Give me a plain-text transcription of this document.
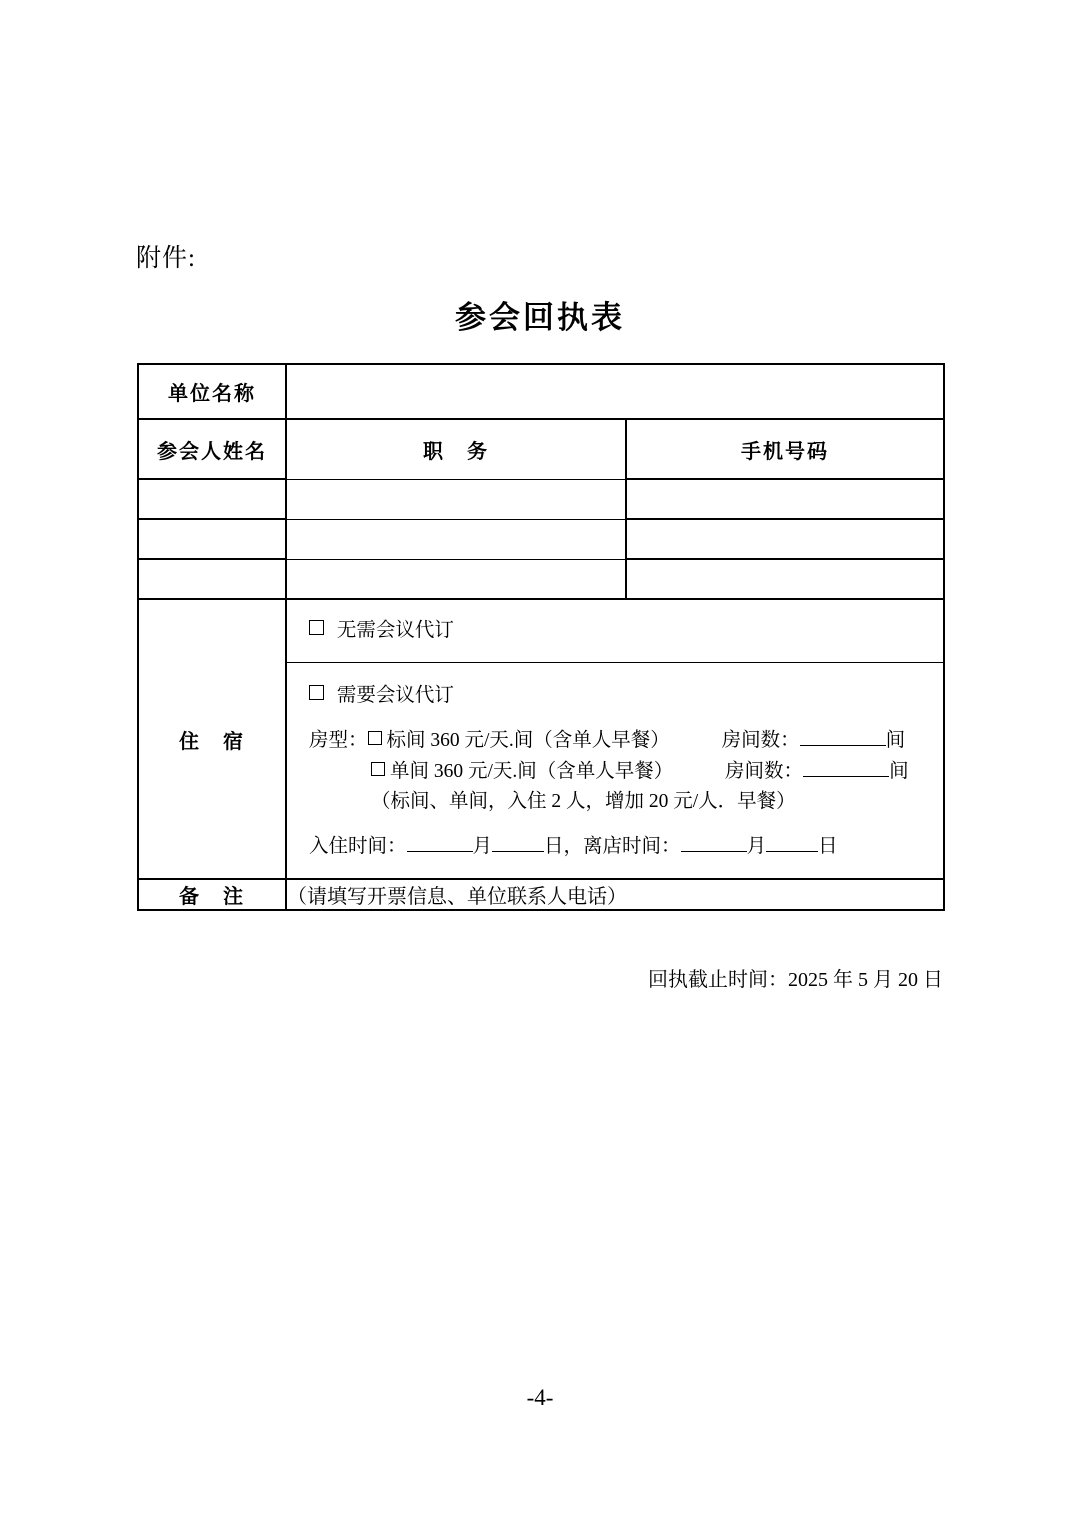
附件:
参会回执表
单位名称		
参会人姓名	职　务	手机号码

住　宿	
无需会议代订
需要会议代订
房型： 标间 360 元/天.间（含单人早餐）	房间数：	间
单间 360 元/天.间（含单人早餐）	房间数：	间
（标间、单间，入住 2 人，增加 20 元/人．早餐）
入住时间：	月	日，离店时间：	月	日

备　注	（请填写开票信息、单位联系人电话）	
回执截止时间：2025 年 5 月 20 日
-4-
